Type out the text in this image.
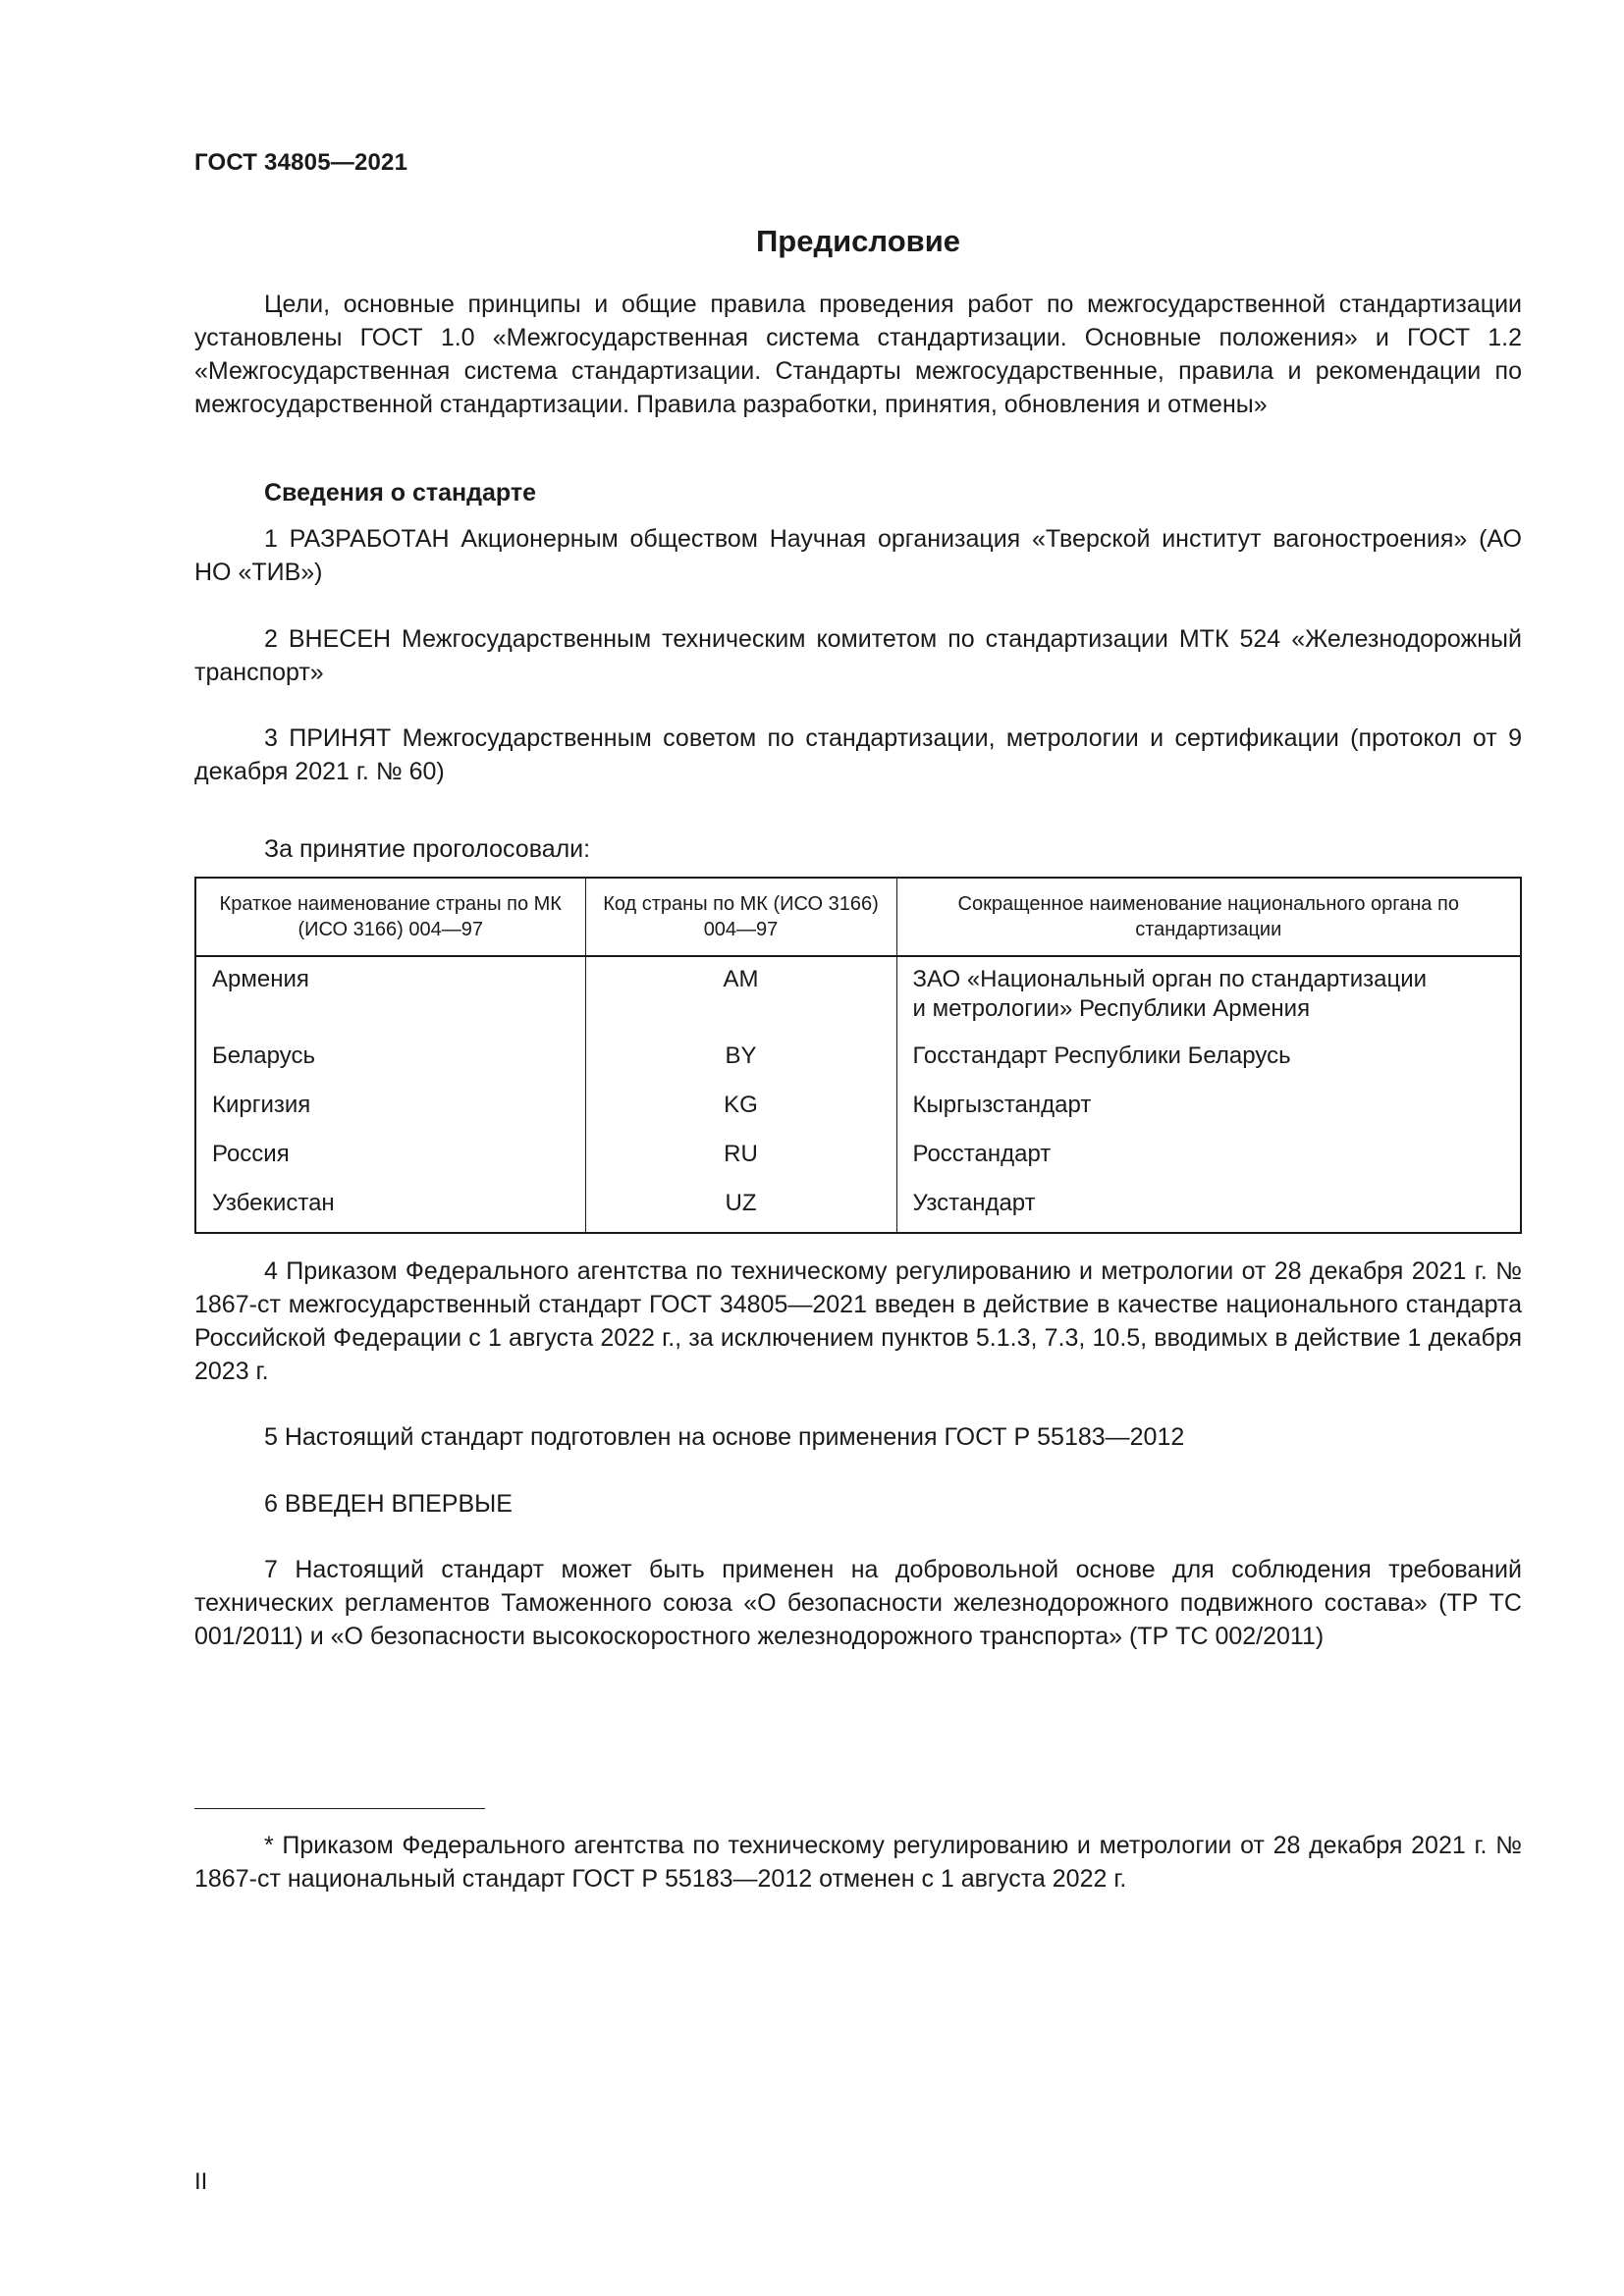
ГОСТ 34805—2021
Предисловие

Цели, основные принципы и общие правила проведения работ по межгосударственной стандартизации установлены ГОСТ 1.0 «Межгосударственная система стандартизации. Основные положения» и ГОСТ 1.2 «Межгосударственная система стандартизации. Стандарты межгосударственные, правила и рекомендации по межгосударственной стандартизации. Правила разработки, принятия, обновления и отмены»

Сведения о стандарте

1 РАЗРАБОТАН Акционерным обществом Научная организация «Тверской институт вагоностроения» (АО НО «ТИВ»)

2 ВНЕСЕН Межгосударственным техническим комитетом по стандартизации МТК 524 «Железнодорожный транспорт»

3 ПРИНЯТ Межгосударственным советом по стандартизации, метрологии и сертификации (протокол от 9 декабря 2021 г. № 60)

За принятие проголосовали:
Краткое наименование страны по МК (ИСО 3166) 004—97	Код страны по МК (ИСО 3166) 004—97	Сокращенное наименование национального органа по стандартизации
Армения	AM	ЗАО «Национальный орган по стандартизации
и метрологии» Республики Армения

Беларусь	BY	Госстандарт Республики Беларусь
Киргизия	KG	Кыргызстандарт
Россия	RU	Росстандарт
Узбекистан	UZ	Узстандарт

4 Приказом Федерального агентства по техническому регулированию и метрологии от 28 декабря 2021 г. № 1867-ст межгосударственный стандарт ГОСТ 34805—2021 введен в действие в качестве национального стандарта Российской Федерации с 1 августа 2022 г., за исключением пунктов 5.1.3, 7.3, 10.5, вводимых в действие 1 декабря 2023 г.

5 Настоящий стандарт подготовлен на основе применения ГОСТ Р 55183—2012

6 ВВЕДЕН ВПЕРВЫЕ

7 Настоящий стандарт может быть применен на добровольной основе для соблюдения требований технических регламентов Таможенного союза «О безопасности железнодорожного подвижного состава» (ТР ТС 001/2011) и «О безопасности высокоскоростного железнодорожного транспорта» (ТР ТС 002/2011)

* Приказом Федерального агентства по техническому регулированию и метрологии от 28 декабря 2021 г. № 1867-ст национальный стандарт ГОСТ Р 55183—2012 отменен с 1 августа 2022 г.

II
